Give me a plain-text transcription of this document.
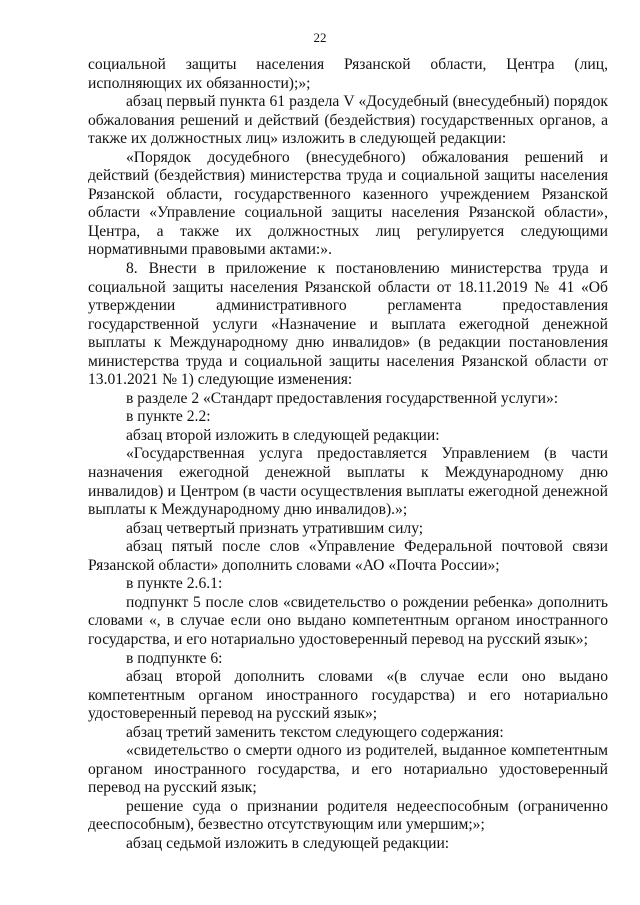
22

социальной защиты населения Рязанской области, Центра (лиц, исполняющих их обязанности);»;

абзац первый пункта 61 раздела V «Досудебный (внесудебный) порядок обжалования решений и действий (бездействия) государственных органов, а также их должностных лиц» изложить в следующей редакции:

«Порядок досудебного (внесудебного) обжалования решений и действий (бездействия) министерства труда и социальной защиты населения Рязанской области, государственного казенного учреждением Рязанской области «Управление социальной защиты населения Рязанской области», Центра, а также их должностных лиц регулируется следующими нормативными правовыми актами:».

8. Внести в приложение к постановлению министерства труда и социальной защиты населения Рязанской области от 18.11.2019 № 41 «Об утверждении административного регламента предоставления государственной услуги «Назначение и выплата ежегодной денежной выплаты к Международному дню инвалидов» (в редакции постановления министерства труда и социальной защиты населения Рязанской области от 13.01.2021 № 1) следующие изменения:

в разделе 2 «Стандарт предоставления государственной услуги»:

в пункте 2.2:

абзац второй изложить в следующей редакции:

«Государственная услуга предоставляется Управлением (в части назначения ежегодной денежной выплаты к Международному дню инвалидов) и Центром (в части осуществления выплаты ежегодной денежной выплаты к Международному дню инвалидов).»;

абзац четвертый признать утратившим силу;

абзац пятый после слов «Управление Федеральной почтовой связи Рязанской области» дополнить словами «АО «Почта России»;

в пункте 2.6.1:

подпункт 5 после слов «свидетельство о рождении ребенка» дополнить словами «, в случае если оно выдано компетентным органом иностранного государства, и его нотариально удостоверенный перевод на русский язык»;

в подпункте 6:

абзац второй дополнить словами «(в случае если оно выдано компетентным органом иностранного государства) и его нотариально удостоверенный перевод на русский язык»;

абзац третий заменить текстом следующего содержания:

«свидетельство о смерти одного из родителей, выданное компетентным органом иностранного государства, и его нотариально удостоверенный перевод на русский язык;

решение суда о признании родителя недееспособным (ограниченно дееспособным), безвестно отсутствующим или умершим;»;

абзац седьмой изложить в следующей редакции:
